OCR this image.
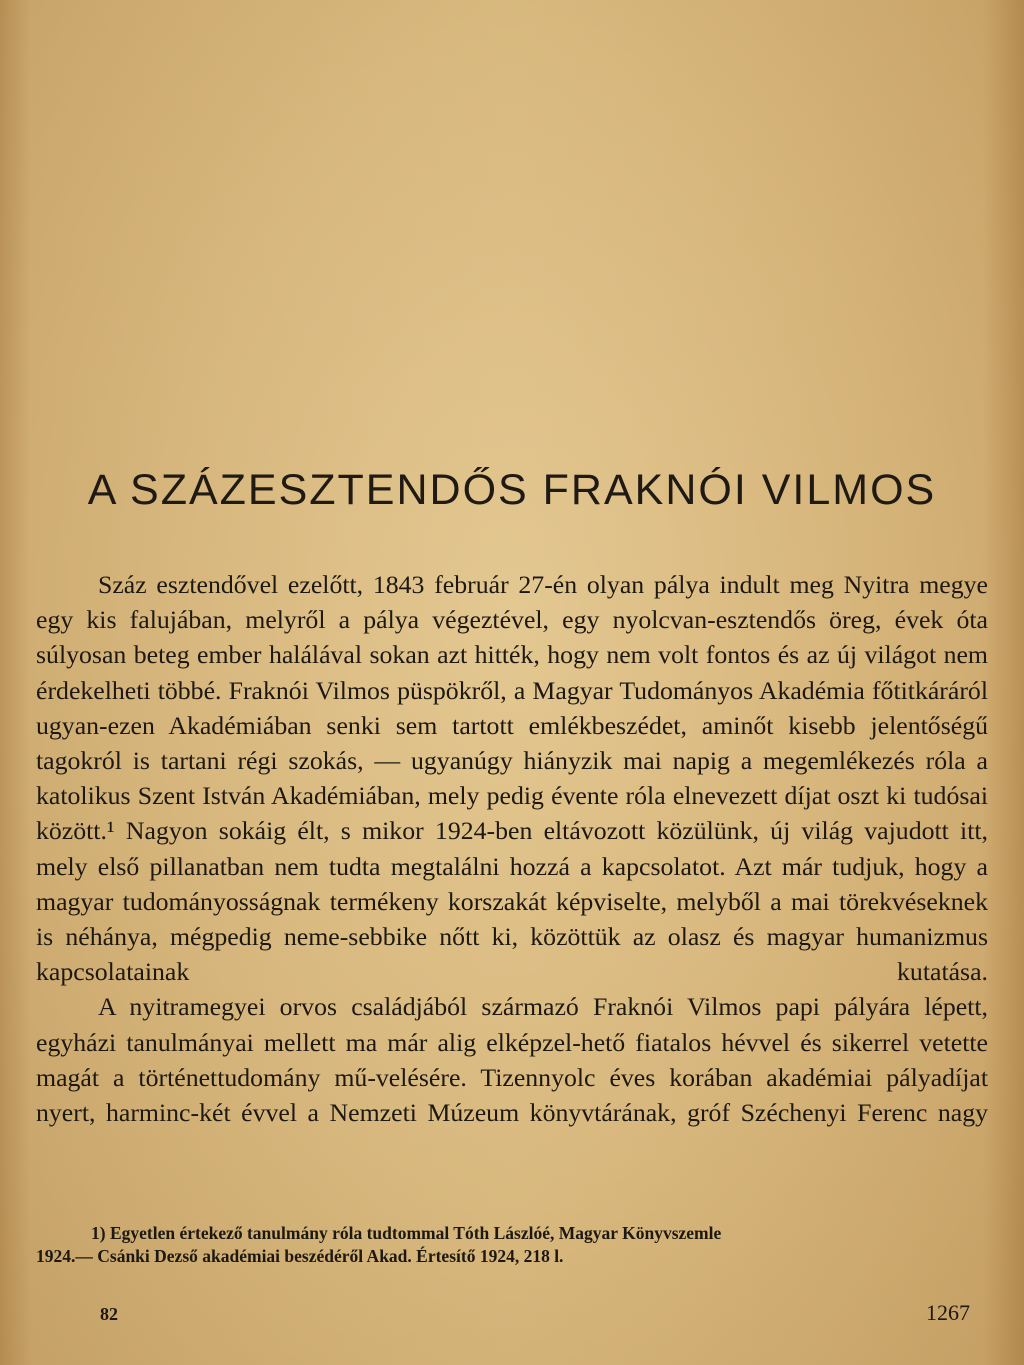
A SZÁZESZTENDŐS FRAKNÓI VILMOS

Száz esztendővel ezelőtt, 1843 február 27-én olyan pálya indult meg Nyitra megye egy kis falujában, melyről a pálya végeztével, egy nyolcvan-esztendős öreg, évek óta súlyosan beteg ember halálával sokan azt hitték, hogy nem volt fontos és az új világot nem érdekelheti többé. Fraknói Vilmos püspökről, a Magyar Tudományos Akadémia főtitkáráról ugyan-ezen Akadémiában senki sem tartott emlékbeszédet, aminőt kisebb jelentőségű tagokról is tartani régi szokás, — ugyanúgy hiányzik mai napig a megemlékezés róla a katolikus Szent István Akadémiában, mely pedig évente róla elnevezett díjat oszt ki tudósai között.¹ Nagyon sokáig élt, s mikor 1924-ben eltávozott közülünk, új világ vajudott itt, mely első pillanatban nem tudta megtalálni hozzá a kapcsolatot. Azt már tudjuk, hogy a magyar tudományosságnak termékeny korszakát képviselte, melyből a mai törekvéseknek is néhánya, mégpedig neme-sebbike nőtt ki, közöttük az olasz és magyar humanizmus kapcsolatainak kutatása.

A nyitramegyei orvos családjából származó Fraknói Vilmos papi pályára lépett, egyházi tanulmányai mellett ma már alig elképzel-hető fiatalos hévvel és sikerrel vetette magát a történettudomány mű-velésére. Tizennyolc éves korában akadémiai pályadíjat nyert, harminc-két évvel a Nemzeti Múzeum könyvtárának, gróf Széchenyi Ferenc nagy

1) Egyetlen értekező tanulmány róla tudtommal Tóth Lászlóé, Magyar Könyvszemle
1924.— Csánki Dezső akadémiai beszédéről Akad. Értesítő 1924, 218 l.
82	1267
